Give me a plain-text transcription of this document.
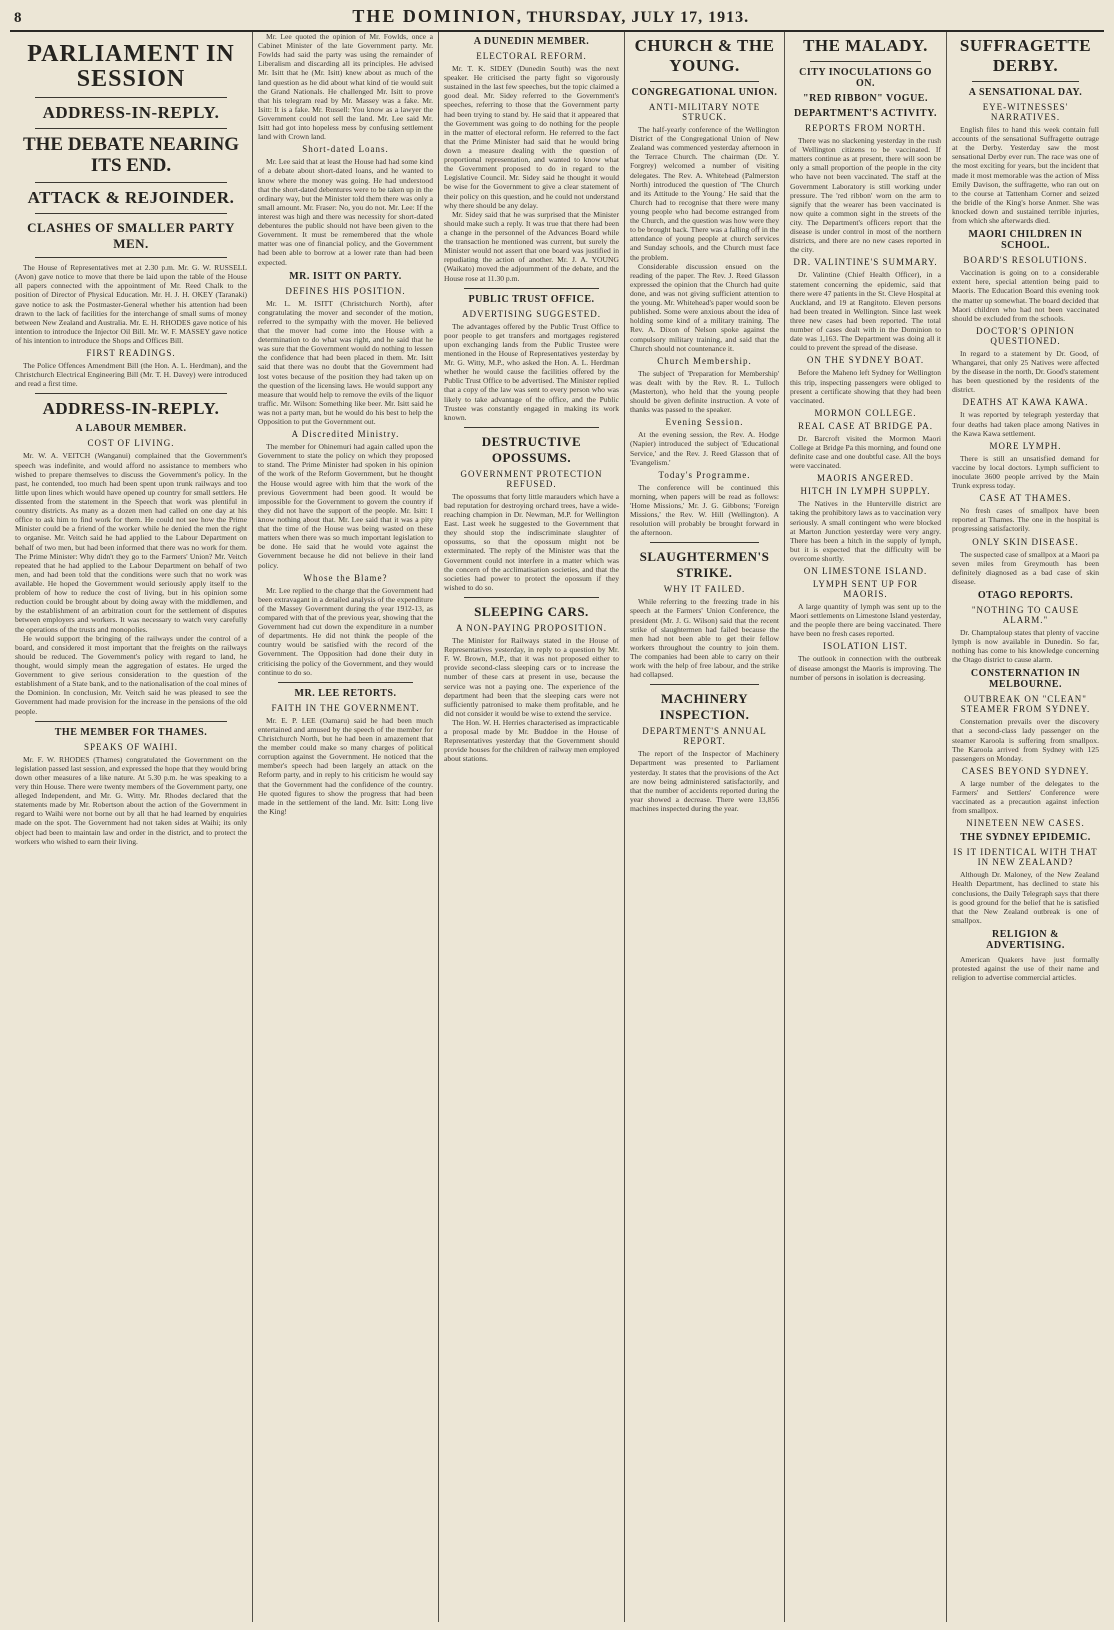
8	THE DOMINION, THURSDAY, JULY 17, 1913.
PARLIAMENT IN SESSION
ADDRESS-IN-REPLY.
THE DEBATE NEARING ITS END.
ATTACK & REJOINDER.
CLASHES OF SMALLER PARTY MEN.

The House of Representatives met at 2.30 p.m. Mr. G. W. RUSSELL (Avon) gave notice to move that there be laid upon the table of the House all papers connected with the appointment of Mr. Reed Chalk to the position of Director of Physical Education. Mr. H. J. H. OKEY (Taranaki) gave notice to ask the Postmaster-General whether his attention had been drawn to the lack of facilities for the interchange of small sums of money between New Zealand and Australia. Mr. E. H. RHODES gave notice of his intention to introduce the Injector Oil Bill. Mr. W. F. MASSEY gave notice of his intention to introduce the Shops and Offices Bill.

FIRST READINGS.

The Police Offences Amendment Bill (the Hon. A. L. Herdman), and the Christchurch Electrical Engineering Bill (Mr. T. H. Davey) were introduced and read a first time.

ADDRESS-IN-REPLY.
A LABOUR MEMBER.
COST OF LIVING.

Mr. W. A. VEITCH (Wanganui) complained that the Government's speech was indefinite, and would afford no assistance to members who wished to prepare themselves to discuss the Government's policy. In the past, he contended, too much had been spent upon trunk railways and too little upon lines which would have opened up country for small settlers. He dissented from the statement in the Speech that work was plentiful in country districts. As many as a dozen men had called on one day at his office to ask him to find work for them. He could not see how the Prime Minister could be a friend of the worker while he denied the men the right to organise. Mr. Veitch said he had applied to the Labour Department on behalf of two men, but had been informed that there was no work for them. The Prime Minister: Why didn't they go to the Farmers' Union? Mr. Veitch repeated that he had applied to the Labour Department on behalf of two men, and had been told that the conditions were such that no work was available. He hoped the Government would seriously apply itself to the problem of how to reduce the cost of living, but in his opinion some reduction could be brought about by doing away with the middlemen, and by the establishment of an arbitration court for the settlement of disputes between employers and workers. It was necessary to watch very carefully the operations of the trusts and monopolies.

He would support the bringing of the railways under the control of a board, and considered it most important that the freights on the railways should be reduced. The Government's policy with regard to land, he thought, would simply mean the aggregation of estates. He urged the Government to give serious consideration to the question of the establishment of a State bank, and to the nationalisation of the coal mines of the Dominion. In conclusion, Mr. Veitch said he was pleased to see the Government had made provision for the increase in the pensions of the old people.

THE MEMBER FOR THAMES.
SPEAKS OF WAIHI.

Mr. F. W. RHODES (Thames) congratulated the Government on the legislation passed last session, and expressed the hope that they would bring down other measures of a like nature. At 5.30 p.m. he was speaking to a very thin House. There were twenty members of the Government party, one alleged Independent, and Mr. G. Witty. Mr. Rhodes declared that the statements made by Mr. Robertson about the action of the Government in regard to Waihi were not borne out by all that he had learned by enquiries made on the spot. The Government had not taken sides at Waihi; its only object had been to maintain law and order in the district, and to protect the workers who wished to earn their living.

Mr. Lee quoted the opinion of Mr. Fowlds, once a Cabinet Minister of the late Government party. Mr. Fowlds had said the party was using the remainder of Liberalism and discarding all its principles. He advised Mr. Isitt that he (Mr. Isitt) knew about as much of the land question as he did about what kind of tie would suit the Grand Nationals. He challenged Mr. Isitt to prove that his telegram read by Mr. Massey was a fake. Mr. Isitt: It is a fake. Mr. Russell: You know as a lawyer the Government could not sell the land. Mr. Lee said Mr. Isitt had got into hopeless mess by confusing settlement land with Crown land.

Short-dated Loans.

Mr. Lee said that at least the House had had some kind of a debate about short-dated loans, and he wanted to know where the money was going. He had understood that the short-dated debentures were to be taken up in the ordinary way, but the Minister told them there was only a small amount. Mr. Fraser: No, you do not. Mr. Lee: If the interest was high and there was necessity for short-dated debentures the public should not have been given to the Government. It must be remembered that the whole matter was one of financial policy, and the Government had been able to borrow at a lower rate than had been expected.

MR. ISITT ON PARTY.
DEFINES HIS POSITION.

Mr. L. M. ISITT (Christchurch North), after congratulating the mover and seconder of the motion, referred to the sympathy with the mover. He believed that the mover had come into the House with a determination to do what was right, and he said that he was sure that the Government would do nothing to lessen the confidence that had been placed in them. Mr. Isitt said that there was no doubt that the Government had lost votes because of the position they had taken up on the question of the licensing laws. He would support any measure that would help to remove the evils of the liquor traffic. Mr. Wilson: Something like beer. Mr. Isitt said he was not a party man, but he would do his best to help the Opposition to put the Government out.

A Discredited Ministry.

The member for Ohinemuri had again called upon the Government to state the policy on which they proposed to stand. The Prime Minister had spoken in his opinion of the work of the Reform Government, but he thought the House would agree with him that the work of the previous Government had been good. It would be impossible for the Government to govern the country if they did not have the support of the people. Mr. Isitt: I know nothing about that. Mr. Lee said that it was a pity that the time of the House was being wasted on these matters when there was so much important legislation to be done. He said that he would vote against the Government because he did not believe in their land policy.

Whose the Blame?

Mr. Lee replied to the charge that the Government had been extravagant in a detailed analysis of the expenditure of the Massey Government during the year 1912-13, as compared with that of the previous year, showing that the Government had cut down the expenditure in a number of departments. He did not think the people of the country would be satisfied with the record of the Government. The Opposition had done their duty in criticising the policy of the Government, and they would continue to do so.

MR. LEE RETORTS.
FAITH IN THE GOVERNMENT.

Mr. E. P. LEE (Oamaru) said he had been much entertained and amused by the speech of the member for Christchurch North, but he had been in amazement that the member could make so many charges of political corruption against the Government. He noticed that the member's speech had been largely an attack on the Reform party, and in reply to his criticism he would say that the Government had the confidence of the country. He quoted figures to show the progress that had been made in the settlement of the land. Mr. Isitt: Long live the King!

A DUNEDIN MEMBER.
ELECTORAL REFORM.

Mr. T. K. SIDEY (Dunedin South) was the next speaker. He criticised the party fight so vigorously sustained in the last few speeches, but the topic claimed a good deal. Mr. Sidey referred to the Government's speeches, referring to those that the Government party had been trying to stand by. He said that it appeared that the Government was going to do nothing for the people in the matter of electoral reform. He referred to the fact that the Prime Minister had said that he would bring down a measure dealing with the question of proportional representation, and wanted to know what the Government proposed to do in regard to the Legislative Council. Mr. Sidey said he thought it would be wise for the Government to give a clear statement of their policy on this question, and he could not understand why there should be any delay.

Mr. Sidey said that he was surprised that the Minister should make such a reply. It was true that there had been a change in the personnel of the Advances Board while the transaction he mentioned was current, but surely the Minister would not assert that one board was justified in repudiating the action of another. Mr. J. A. YOUNG (Waikato) moved the adjournment of the debate, and the House rose at 11.30 p.m.

PUBLIC TRUST OFFICE.
ADVERTISING SUGGESTED.

The advantages offered by the Public Trust Office to poor people to get transfers and mortgages registered upon exchanging lands from the Public Trustee were mentioned in the House of Representatives yesterday by Mr. G. Witty, M.P., who asked the Hon. A. L. Herdman whether he would cause the facilities offered by the Public Trust Office to be advertised. The Minister replied that a copy of the law was sent to every person who was likely to take advantage of the office, and the Public Trustee was constantly engaged in making its work known.

DESTRUCTIVE OPOSSUMS.
GOVERNMENT PROTECTION REFUSED.

The opossums that forty little marauders which have a bad reputation for destroying orchard trees, have a wide-reaching champion in Dr. Newman, M.P. for Wellington East. Last week he suggested to the Government that they should stop the indiscriminate slaughter of opossums, so that the opossum might not be exterminated. The reply of the Minister was that the Government could not interfere in a matter which was the concern of the acclimatisation societies, and that the societies had power to protect the opossum if they wished to do so.

SLEEPING CARS.
A NON-PAYING PROPOSITION.

The Minister for Railways stated in the House of Representatives yesterday, in reply to a question by Mr. F. W. Brown, M.P., that it was not proposed either to provide second-class sleeping cars or to increase the number of these cars at present in use, because the service was not a paying one. The experience of the department had been that the sleeping cars were not sufficiently patronised to make them profitable, and he did not consider it would be wise to extend the service.

The Hon. W. H. Herries characterised as impracticable a proposal made by Mr. Buddoe in the House of Representatives yesterday that the Government should provide houses for the children of railway men employed about stations.

CHURCH & THE YOUNG.
CONGREGATIONAL UNION.
ANTI-MILITARY NOTE STRUCK.

The half-yearly conference of the Wellington District of the Congregational Union of New Zealand was commenced yesterday afternoon in the Terrace Church. The chairman (Dr. Y. Forgrey) welcomed a number of visiting delegates. The Rev. A. Whitehead (Palmerston North) introduced the question of 'The Church and its Attitude to the Young.' He said that the Church had to recognise that there were many young people who had become estranged from the Church, and the question was how were they to be brought back. There was a falling off in the attendance of young people at church services and Sunday schools, and the Church must face the problem.

Considerable discussion ensued on the reading of the paper. The Rev. J. Reed Glasson expressed the opinion that the Church had quite done, and was not giving sufficient attention to the young. Mr. Whitehead's paper would soon be published. Some were anxious about the idea of holding some kind of a military training. The Rev. A. Dixon of Nelson spoke against the compulsory military training, and said that the Church should not countenance it.

Church Membership.

The subject of 'Preparation for Membership' was dealt with by the Rev. R. L. Tulloch (Masterton), who held that the young people should be given definite instruction. A vote of thanks was passed to the speaker.

Evening Session.

At the evening session, the Rev. A. Hodge (Napier) introduced the subject of 'Educational Service,' and the Rev. J. Reed Glasson that of 'Evangelism.'

Today's Programme.

The conference will be continued this morning, when papers will be read as follows: 'Home Missions,' Mr. J. G. Gibbons; 'Foreign Missions,' the Rev. W. Hill (Wellington). A resolution will probably be brought forward in the afternoon.

SLAUGHTERMEN'S STRIKE.
WHY IT FAILED.

While referring to the freezing trade in his speech at the Farmers' Union Conference, the president (Mr. J. G. Wilson) said that the recent strike of slaughtermen had failed because the men had not been able to get their fellow workers throughout the country to join them. The companies had been able to carry on their work with the help of free labour, and the strike had collapsed.

MACHINERY INSPECTION.
DEPARTMENT'S ANNUAL REPORT.

The report of the Inspector of Machinery Department was presented to Parliament yesterday. It states that the provisions of the Act are now being administered satisfactorily, and that the number of accidents reported during the year showed a decrease. There were 13,856 machines inspected during the year.

THE MALADY.
CITY INOCULATIONS GO ON.
"RED RIBBON" VOGUE.
DEPARTMENT'S ACTIVITY.
REPORTS FROM NORTH.

There was no slackening yesterday in the rush of Wellington citizens to be vaccinated. If matters continue as at present, there will soon be only a small proportion of the people in the city who have not been vaccinated. The staff at the Government Laboratory is still working under pressure. The 'red ribbon' worn on the arm to signify that the wearer has been vaccinated is now quite a common sight in the streets of the city. The Department's officers report that the disease is under control in most of the northern districts, and there are no new cases reported in the city.

DR. VALINTINE'S SUMMARY.

Dr. Valintine (Chief Health Officer), in a statement concerning the epidemic, said that there were 47 patients in the St. Cleve Hospital at Auckland, and 19 at Rangitoto. Eleven persons had been treated in Wellington. Since last week three new cases had been reported. The total number of cases dealt with in the Dominion to date was 1,163. The Department was doing all it could to prevent the spread of the disease.

ON THE SYDNEY BOAT.

Before the Maheno left Sydney for Wellington this trip, inspecting passengers were obliged to present a certificate showing that they had been vaccinated.

MORMON COLLEGE.
REAL CASE AT BRIDGE PA.

Dr. Barcroft visited the Mormon Maori College at Bridge Pa this morning, and found one definite case and one doubtful case. All the boys were vaccinated.

MAORIS ANGERED.
HITCH IN LYMPH SUPPLY.

The Natives in the Hunterville district are taking the prohibitory laws as to vaccination very seriously. A small contingent who were blocked at Marton Junction yesterday were very angry. There has been a hitch in the supply of lymph, but it is expected that the difficulty will be overcome shortly.

ON LIMESTONE ISLAND.
LYMPH SENT UP FOR MAORIS.

A large quantity of lymph was sent up to the Maori settlements on Limestone Island yesterday, and the people there are being vaccinated. There have been no fresh cases reported.

ISOLATION LIST.

The outlook in connection with the outbreak of disease amongst the Maoris is improving. The number of persons in isolation is decreasing.

SUFFRAGETTE DERBY.
A SENSATIONAL DAY.
EYE-WITNESSES' NARRATIVES.

English files to hand this week contain full accounts of the sensational Suffragette outrage at the Derby. Yesterday saw the most sensational Derby ever run. The race was one of the most exciting for years, but the incident that made it most memorable was the action of Miss Emily Davison, the suffragette, who ran out on to the course at Tattenham Corner and seized the bridle of the King's horse Anmer. She was knocked down and sustained terrible injuries, from which she afterwards died.

MAORI CHILDREN IN SCHOOL.
BOARD'S RESOLUTIONS.

Vaccination is going on to a considerable extent here, special attention being paid to Maoris. The Education Board this evening took the matter up somewhat. The board decided that Maori children who had not been vaccinated should be excluded from the schools.

DOCTOR'S OPINION QUESTIONED.

In regard to a statement by Dr. Good, of Whangarei, that only 25 Natives were affected by the disease in the north, Dr. Good's statement has been questioned by the residents of the district.

DEATHS AT KAWA KAWA.

It was reported by telegraph yesterday that four deaths had taken place among Natives in the Kawa Kawa settlement.

MORE LYMPH.

There is still an unsatisfied demand for vaccine by local doctors. Lymph sufficient to inoculate 3600 people arrived by the Main Trunk express today.

CASE AT THAMES.

No fresh cases of smallpox have been reported at Thames. The one in the hospital is progressing satisfactorily.

ONLY SKIN DISEASE.

The suspected case of smallpox at a Maori pa seven miles from Greymouth has been definitely diagnosed as a bad case of skin disease.

OTAGO REPORTS.
"NOTHING TO CAUSE ALARM."

Dr. Champtaloup states that plenty of vaccine lymph is now available in Dunedin. So far, nothing has come to his knowledge concerning the Otago district to cause alarm.

CONSTERNATION IN MELBOURNE.
OUTBREAK ON "CLEAN" STEAMER FROM SYDNEY.

Consternation prevails over the discovery that a second-class lady passenger on the steamer Karoola is suffering from smallpox. The Karoola arrived from Sydney with 125 passengers on Monday.

CASES BEYOND SYDNEY.

A large number of the delegates to the Farmers' and Settlers' Conference were vaccinated as a precaution against infection from smallpox.

NINETEEN NEW CASES.
THE SYDNEY EPIDEMIC.
IS IT IDENTICAL WITH THAT IN NEW ZEALAND?

Although Dr. Maloney, of the New Zealand Health Department, has declined to state his conclusions, the Daily Telegraph says that there is good ground for the belief that he is satisfied that the New Zealand outbreak is one of smallpox.

RELIGION & ADVERTISING.

American Quakers have just formally protested against the use of their name and religion to advertise commercial articles.
